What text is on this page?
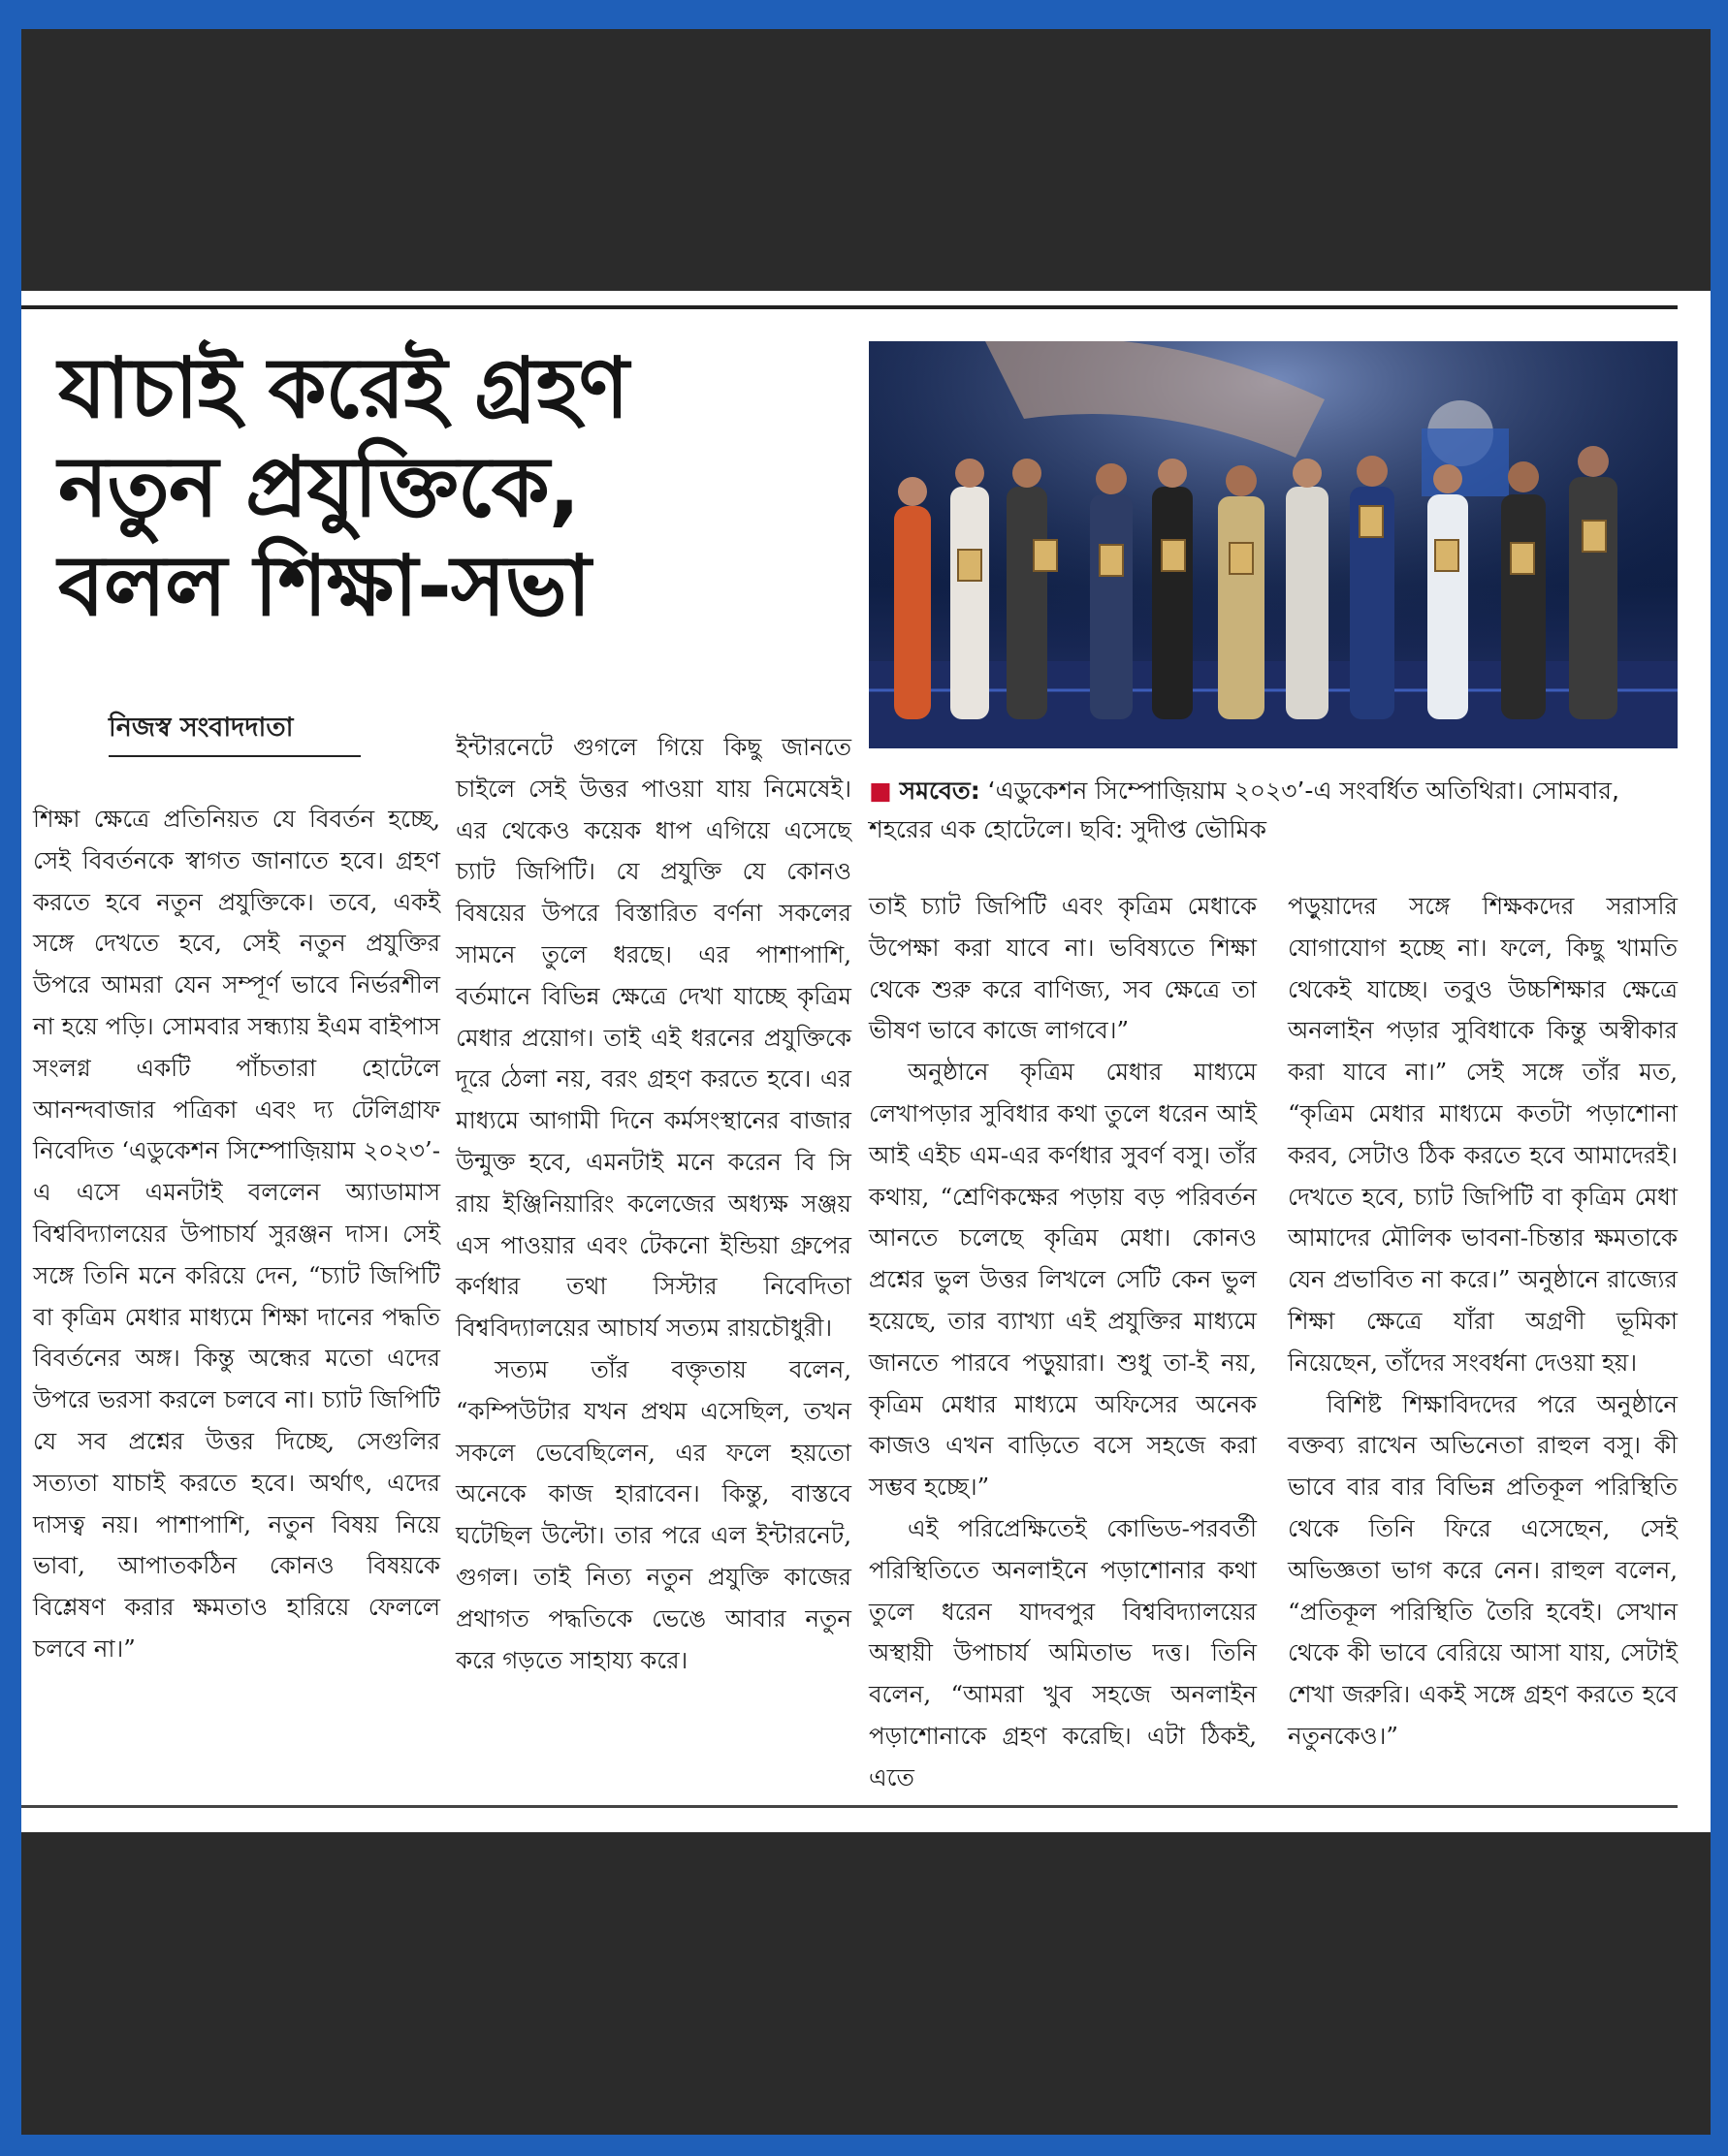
যাচাই করেই গ্রহণ
নতুন প্রযুক্তিকে,
বলল শিক্ষা-সভা
নিজস্ব সংবাদদাতা
■ সমবেত: ‘এডুকেশন সিম্পোজ়িয়াম ২০২৩’-এ সংবর্ধিত অতিথিরা। সোমবার, শহরের এক হোটেলে। ছবি: সুদীপ্ত ভৌমিক

শিক্ষা ক্ষেত্রে প্রতিনিয়ত যে বিবর্তন হচ্ছে, সেই বিবর্তনকে স্বাগত জানাতে হবে। গ্রহণ করতে হবে নতুন প্রযুক্তিকে। তবে, একই সঙ্গে দেখতে হবে, সেই নতুন প্রযুক্তির উপরে আমরা যেন সম্পূর্ণ ভাবে নির্ভরশীল না হয়ে পড়ি। সোমবার সন্ধ্যায় ইএম বাইপাস সংলগ্ন একটি পাঁচতারা হোটেলে আনন্দবাজার পত্রিকা এবং দ্য টেলিগ্রাফ নিবেদিত ‘এডুকেশন সিম্পোজ়িয়াম ২০২৩’-এ এসে এমনটাই বললেন অ্যাডামাস বিশ্ববিদ্যালয়ের উপাচার্য সুরঞ্জন দাস। সেই সঙ্গে তিনি মনে করিয়ে দেন, “চ্যাট জিপিটি বা কৃত্রিম মেধার মাধ্যমে শিক্ষা দানের পদ্ধতি বিবর্তনের অঙ্গ। কিন্তু অন্ধের মতো এদের উপরে ভরসা করলে চলবে না। চ্যাট জিপিটি যে সব প্রশ্নের উত্তর দিচ্ছে, সেগুলির সত্যতা যাচাই করতে হবে। অর্থাৎ, এদের দাসত্ব নয়। পাশাপাশি, নতুন বিষয় নিয়ে ভাবা, আপাতকঠিন কোনও বিষয়কে বিশ্লেষণ করার ক্ষমতাও হারিয়ে ফেললে চলবে না।”

ইন্টারনেটে গুগলে গিয়ে কিছু জানতে চাইলে সেই উত্তর পাওয়া যায় নিমেষেই। এর থেকেও কয়েক ধাপ এগিয়ে এসেছে চ্যাট জিপিটি। যে প্রযুক্তি যে কোনও বিষয়ের উপরে বিস্তারিত বর্ণনা সকলের সামনে তুলে ধরছে। এর পাশাপাশি, বর্তমানে বিভিন্ন ক্ষেত্রে দেখা যাচ্ছে কৃত্রিম মেধার প্রয়োগ। তাই এই ধরনের প্রযুক্তিকে দূরে ঠেলা নয়, বরং গ্রহণ করতে হবে। এর মাধ্যমে আগামী দিনে কর্মসংস্থানের বাজার উন্মুক্ত হবে, এমনটাই মনে করেন বি সি রায় ইঞ্জিনিয়ারিং কলেজের অধ্যক্ষ সঞ্জয় এস পাওয়ার এবং টেকনো ইন্ডিয়া গ্রুপের কর্ণধার তথা সিস্টার নিবেদিতা বিশ্ববিদ্যালয়ের আচার্য সত্যম রায়চৌধুরী।

সত্যম তাঁর বক্তৃতায় বলেন, “কম্পিউটার যখন প্রথম এসেছিল, তখন সকলে ভেবেছিলেন, এর ফলে হয়তো অনেকে কাজ হারাবেন। কিন্তু, বাস্তবে ঘটেছিল উল্টো। তার পরে এল ইন্টারনেট, গুগল। তাই নিত্য নতুন প্রযুক্তি কাজের প্রথাগত পদ্ধতিকে ভেঙে আবার নতুন করে গড়তে সাহায্য করে।

তাই চ্যাট জিপিটি এবং কৃত্রিম মেধাকে উপেক্ষা করা যাবে না। ভবিষ্যতে শিক্ষা থেকে শুরু করে বাণিজ্য, সব ক্ষেত্রে তা ভীষণ ভাবে কাজে লাগবে।”

অনুষ্ঠানে কৃত্রিম মেধার মাধ্যমে লেখাপড়ার সুবিধার কথা তুলে ধরেন আই আই এইচ এম-এর কর্ণধার সুবর্ণ বসু। তাঁর কথায়, “শ্রেণিকক্ষের পড়ায় বড় পরিবর্তন আনতে চলেছে কৃত্রিম মেধা। কোনও প্রশ্নের ভুল উত্তর লিখলে সেটি কেন ভুল হয়েছে, তার ব্যাখ্যা এই প্রযুক্তির মাধ্যমে জানতে পারবে পড়ুয়ারা। শুধু তা-ই নয়, কৃত্রিম মেধার মাধ্যমে অফিসের অনেক কাজও এখন বাড়িতে বসে সহজে করা সম্ভব হচ্ছে।”

এই পরিপ্রেক্ষিতেই কোভিড-পরবর্তী পরিস্থিতিতে অনলাইনে পড়াশোনার কথা তুলে ধরেন যাদবপুর বিশ্ববিদ্যালয়ের অস্থায়ী উপাচার্য অমিতাভ দত্ত। তিনি বলেন, “আমরা খুব সহজে অনলাইন পড়াশোনাকে গ্রহণ করেছি। এটা ঠিকই, এতে

পড়ুয়াদের সঙ্গে শিক্ষকদের সরাসরি যোগাযোগ হচ্ছে না। ফলে, কিছু খামতি থেকেই যাচ্ছে। তবুও উচ্চশিক্ষার ক্ষেত্রে অনলাইন পড়ার সুবিধাকে কিন্তু অস্বীকার করা যাবে না।” সেই সঙ্গে তাঁর মত, “কৃত্রিম মেধার মাধ্যমে কতটা পড়াশোনা করব, সেটাও ঠিক করতে হবে আমাদেরই। দেখতে হবে, চ্যাট জিপিটি বা কৃত্রিম মেধা আমাদের মৌলিক ভাবনা-চিন্তার ক্ষমতাকে যেন প্রভাবিত না করে।” অনুষ্ঠানে রাজ্যের শিক্ষা ক্ষেত্রে যাঁরা অগ্রণী ভূমিকা নিয়েছেন, তাঁদের সংবর্ধনা দেওয়া হয়।

বিশিষ্ট শিক্ষাবিদদের পরে অনুষ্ঠানে বক্তব্য রাখেন অভিনেতা রাহুল বসু। কী ভাবে বার বার বিভিন্ন প্রতিকূল পরিস্থিতি থেকে তিনি ফিরে এসেছেন, সেই অভিজ্ঞতা ভাগ করে নেন। রাহুল বলেন, “প্রতিকূল পরিস্থিতি তৈরি হবেই। সেখান থেকে কী ভাবে বেরিয়ে আসা যায়, সেটাই শেখা জরুরি। একই সঙ্গে গ্রহণ করতে হবে নতুনকেও।”
